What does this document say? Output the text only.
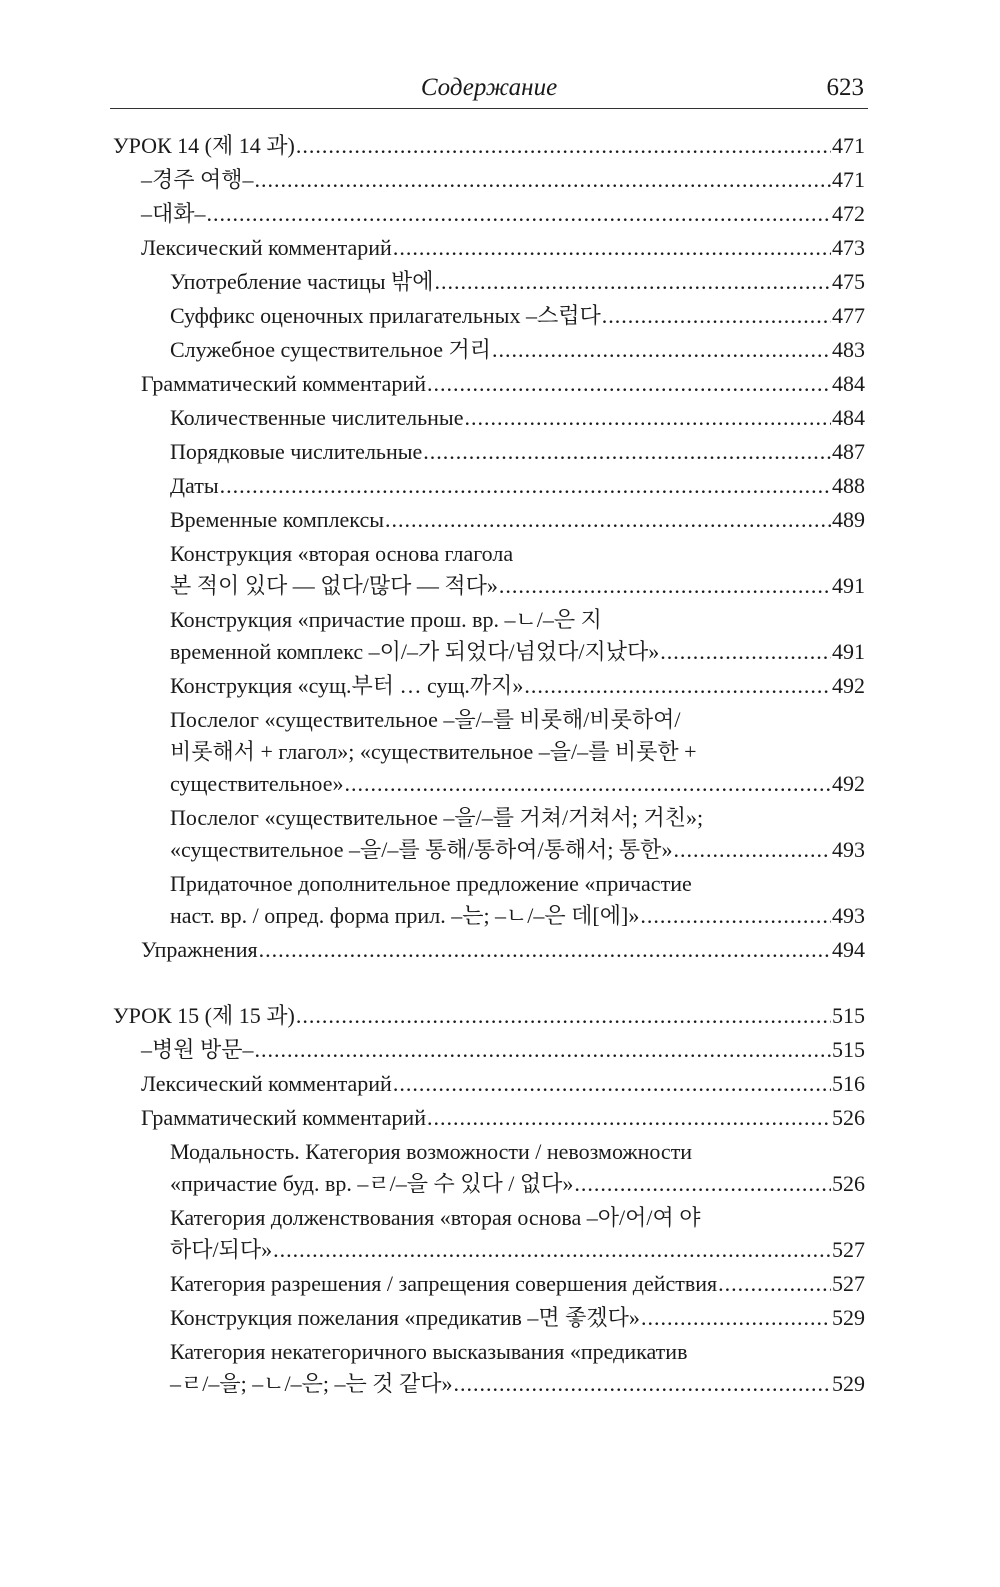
Содержание	623
УРОК 14 (제 14 과) .....	471
–경주 여행– .....	471
–대화– .....	472
Лексический комментарий .....	473
Употребление частицы 밖에 .....	475
Суффикс оценочных прилагательных –스럽다 .....	477
Служебное существительное 거리 .....	483
Грамматический комментарий .....	484
Количественные числительные .....	484
Порядковые числительные .....	487
Даты .....	488
Временные комплексы .....	489
Конструкция «вторая основа глагола
본 적이 있다 — 없다/많다 — 적다» .....	491
Конструкция «причастие прош. вр. –ㄴ/–은 지
временной комплекс –이/–가 되었다/넘었다/지났다» .....	491
Конструкция «сущ.부터 … сущ.까지» .....	492
Послелог «существительное –을/–를 비롯해/비롯하여/
비롯해서 + глагол»; «существительное –을/–를 비롯한 +
существительное» .....	492
Послелог «существительное –을/–를 거쳐/거쳐서; 거친»;
«существительное –을/–를 통해/통하여/통해서; 통한» .....	493
Придаточное дополнительное предложение «причастие
наст. вр. / опред. форма прил. –는; –ㄴ/–은 데[에]» .....	493
Упражнения .....	494
УРОК 15 (제 15 과) .....	515
–병원 방문– .....	515
Лексический комментарий .....	516
Грамматический комментарий .....	526
Модальность. Категория возможности / невозможности
«причастие буд. вр. –ㄹ/–을 수 있다 / 없다» .....	526
Категория долженствования «вторая основа –아/어/여 야
하다/되다» .....	527
Категория разрешения / запрещения совершения действия .....	527
Конструкция пожелания «предикатив –면 좋겠다» .....	529
Категория некатегоричного высказывания «предикатив
–ㄹ/–을; –ㄴ/–은; –는 것 같다» .....	529
